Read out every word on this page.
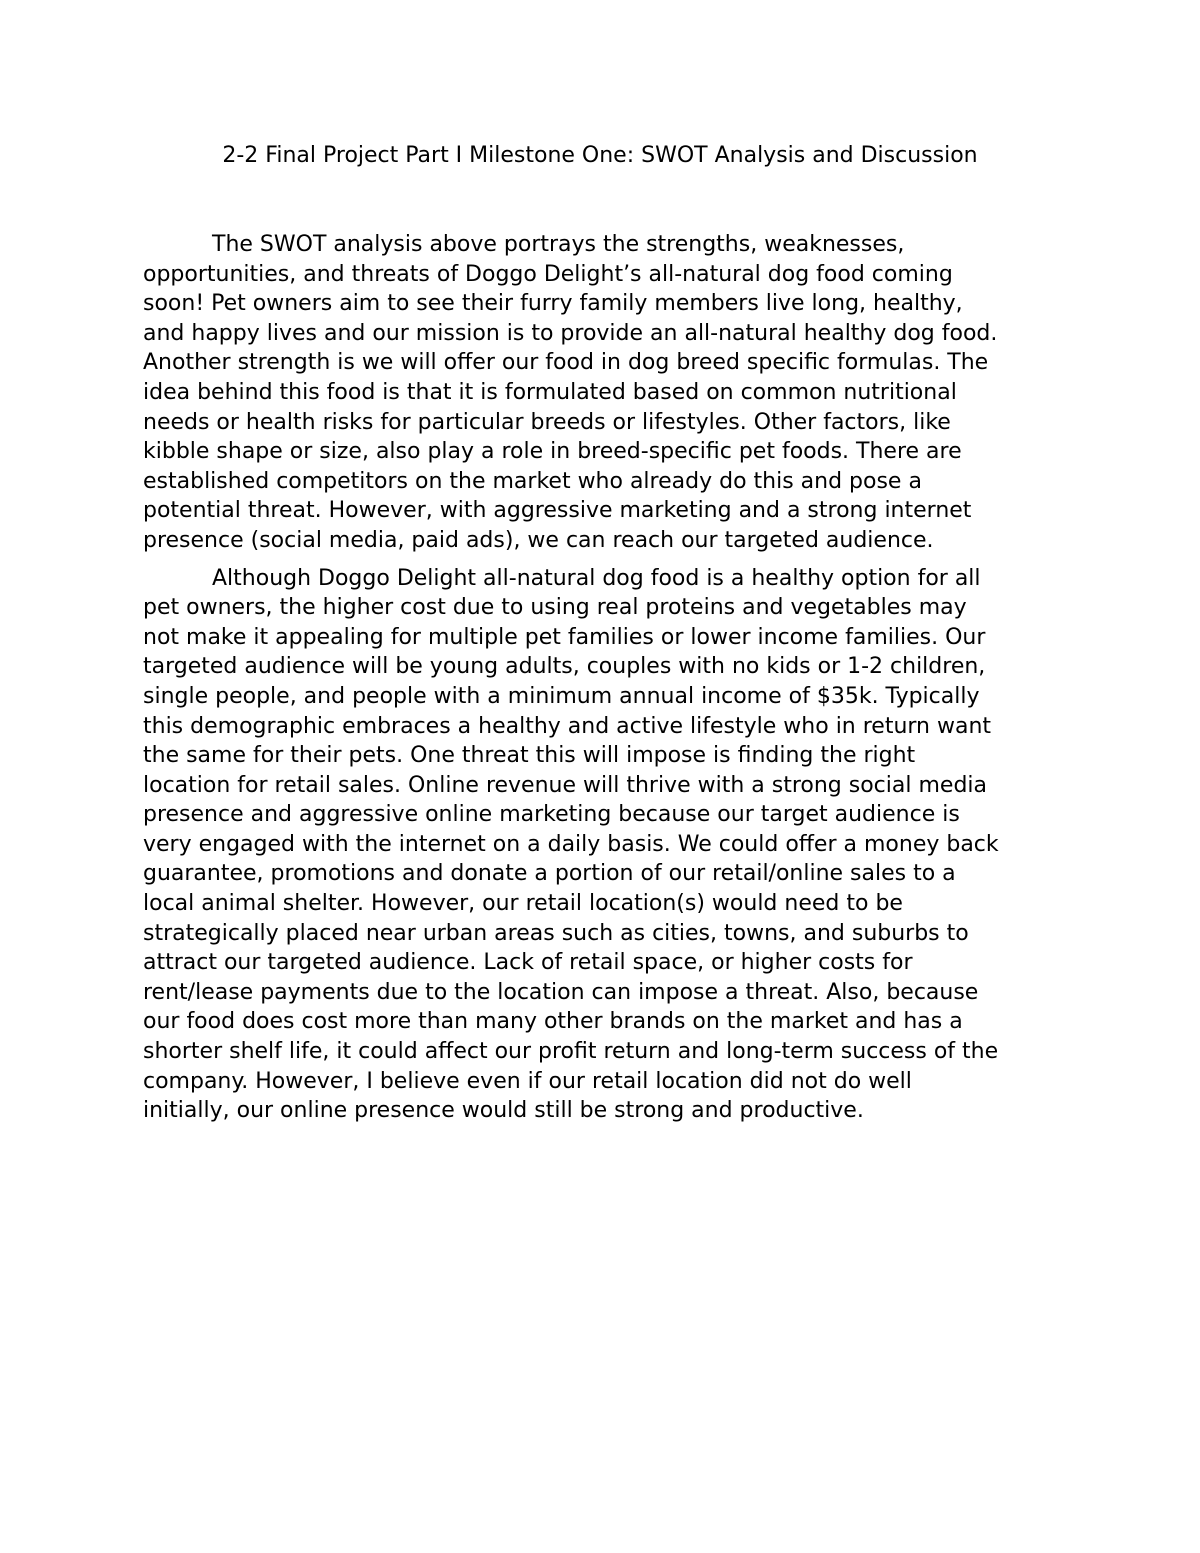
2-2 Final Project Part I Milestone One: SWOT Analysis and Discussion

The SWOT analysis above portrays the strengths, weaknesses,
opportunities, and threats of Doggo Delight’s all-natural dog food coming
soon! Pet owners aim to see their furry family members live long, healthy,
and happy lives and our mission is to provide an all-natural healthy dog food.
Another strength is we will offer our food in dog breed specific formulas. The
idea behind this food is that it is formulated based on common nutritional
needs or health risks for particular breeds or lifestyles. Other factors, like
kibble shape or size, also play a role in breed-specific pet foods. There are
established competitors on the market who already do this and pose a
potential threat. However, with aggressive marketing and a strong internet
presence (social media, paid ads), we can reach our targeted audience.

Although Doggo Delight all-natural dog food is a healthy option for all
pet owners, the higher cost due to using real proteins and vegetables may
not make it appealing for multiple pet families or lower income families. Our
targeted audience will be young adults, couples with no kids or 1-2 children,
single people, and people with a minimum annual income of $35k. Typically
this demographic embraces a healthy and active lifestyle who in return want
the same for their pets. One threat this will impose is finding the right
location for retail sales. Online revenue will thrive with a strong social media
presence and aggressive online marketing because our target audience is
very engaged with the internet on a daily basis. We could offer a money back
guarantee, promotions and donate a portion of our retail/online sales to a
local animal shelter. However, our retail location(s) would need to be
strategically placed near urban areas such as cities, towns, and suburbs to
attract our targeted audience. Lack of retail space, or higher costs for
rent/lease payments due to the location can impose a threat. Also, because
our food does cost more than many other brands on the market and has a
shorter shelf life, it could affect our profit return and long-term success of the
company. However, I believe even if our retail location did not do well
initially, our online presence would still be strong and productive.
